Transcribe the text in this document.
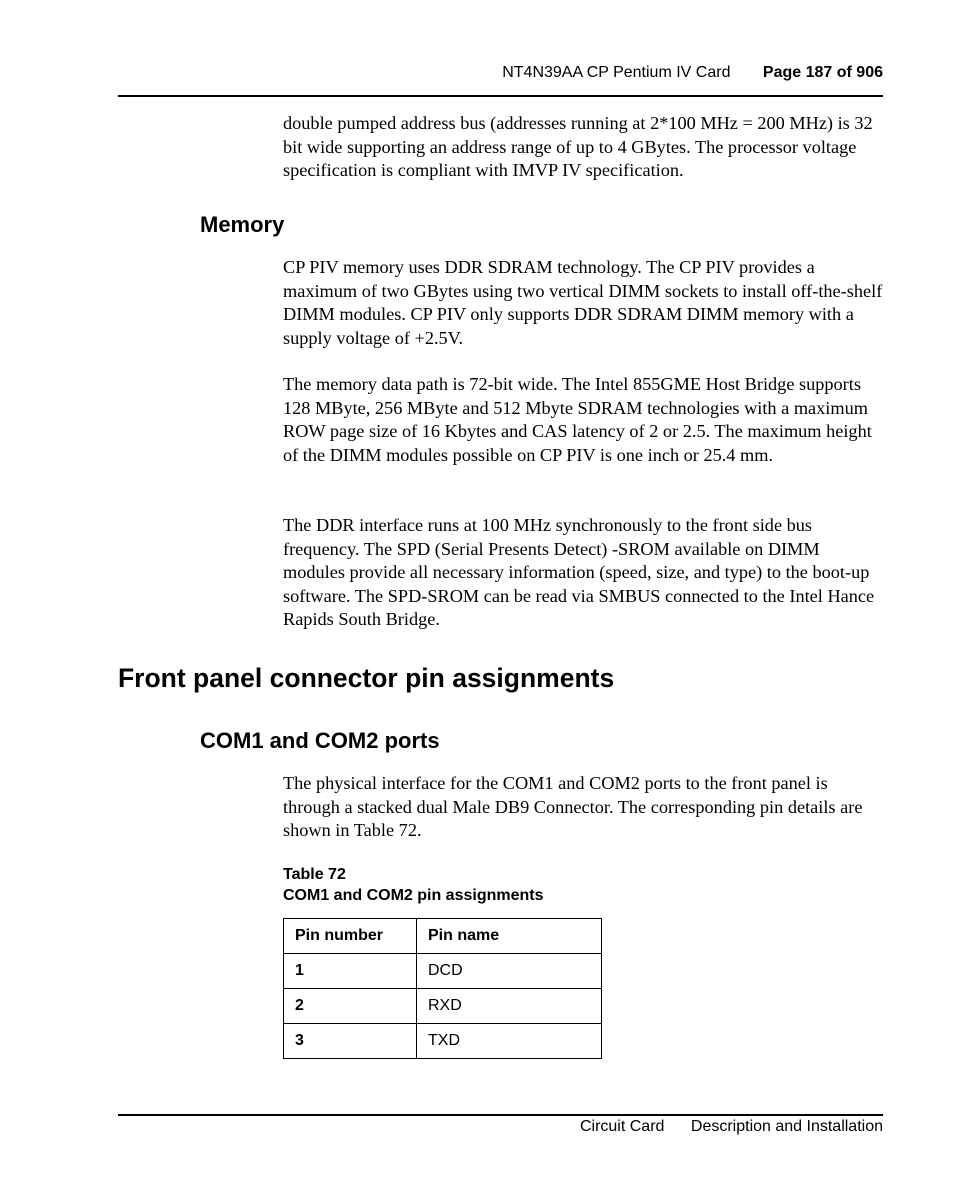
NT4N39AA CP Pentium IV Card Page 187 of 906

double pumped address bus (addresses running at 2*100 MHz = 200 MHz) is 32 bit wide supporting an address range of up to 4 GBytes. The processor voltage specification is compliant with IMVP IV specification.

Memory

CP PIV memory uses DDR SDRAM technology. The CP PIV provides a maximum of two GBytes using two vertical DIMM sockets to install off-the-shelf DIMM modules. CP PIV only supports DDR SDRAM DIMM memory with a supply voltage of +2.5V.

The memory data path is 72-bit wide. The Intel 855GME Host Bridge supports 128 MByte, 256 MByte and 512 Mbyte SDRAM technologies with a maximum ROW page size of 16 Kbytes and CAS latency of 2 or 2.5. The maximum height of the DIMM modules possible on CP PIV is one inch or 25.4 mm.

The DDR interface runs at 100 MHz synchronously to the front side bus frequency. The SPD (Serial Presents Detect) -SROM available on DIMM modules provide all necessary information (speed, size, and type) to the boot-up software. The SPD-SROM can be read via SMBUS connected to the Intel Hance Rapids South Bridge.

Front panel connector pin assignments
COM1 and COM2 ports

The physical interface for the COM1 and COM2 ports to the front panel is through a stacked dual Male DB9 Connector. The corresponding pin details are shown in Table 72.

Table 72
COM1 and COM2 pin assignments
Pin number	Pin name
1	DCD
2	RXD
3	TXD
Circuit Card Description and Installation
